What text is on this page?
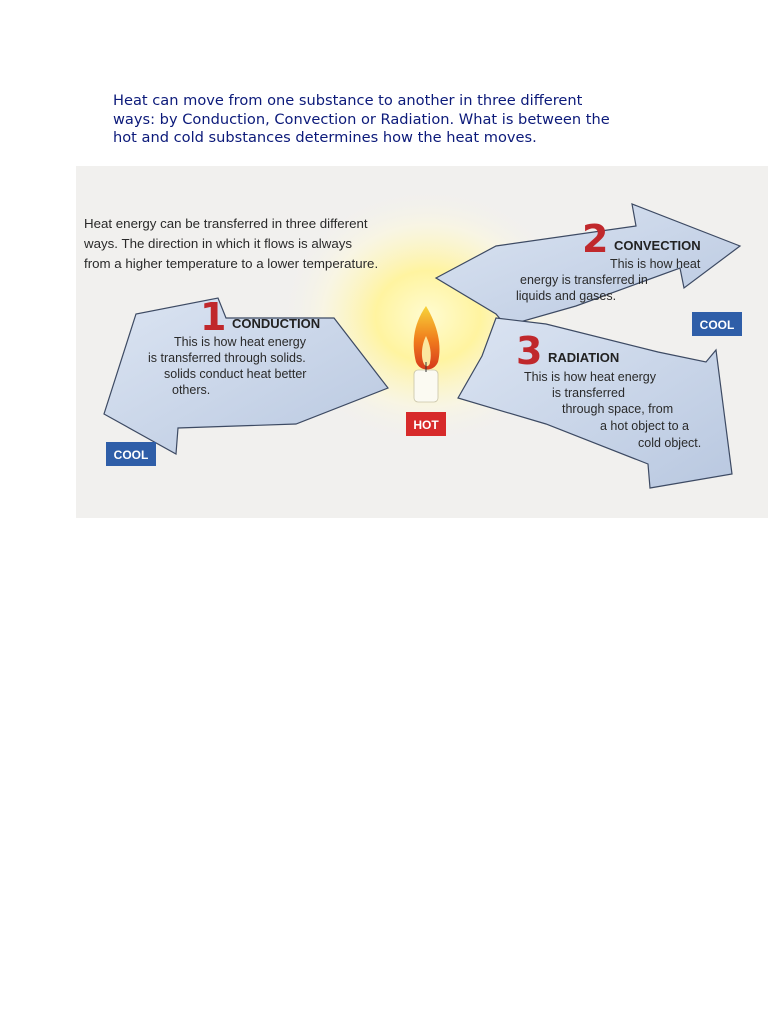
Heat can move from one substance to another in three different
ways: by Conduction, Convection or Radiation. What is between the
hot and cold substances determines how the heat moves.
Heat energy can be transferred in three different
ways. The direction in which it flows is always
from a higher temperature to a lower temperature.
HOT
COOL
COOL
1 CONDUCTION
This is how heat energy
is transferred through solids.
solids conduct heat better
others.
2 CONVECTION
This is how heat
energy is transferred in
liquids and gases.
3 RADIATION
This is how heat energy
is transferred
through space, from
a hot object to a
cold object.
